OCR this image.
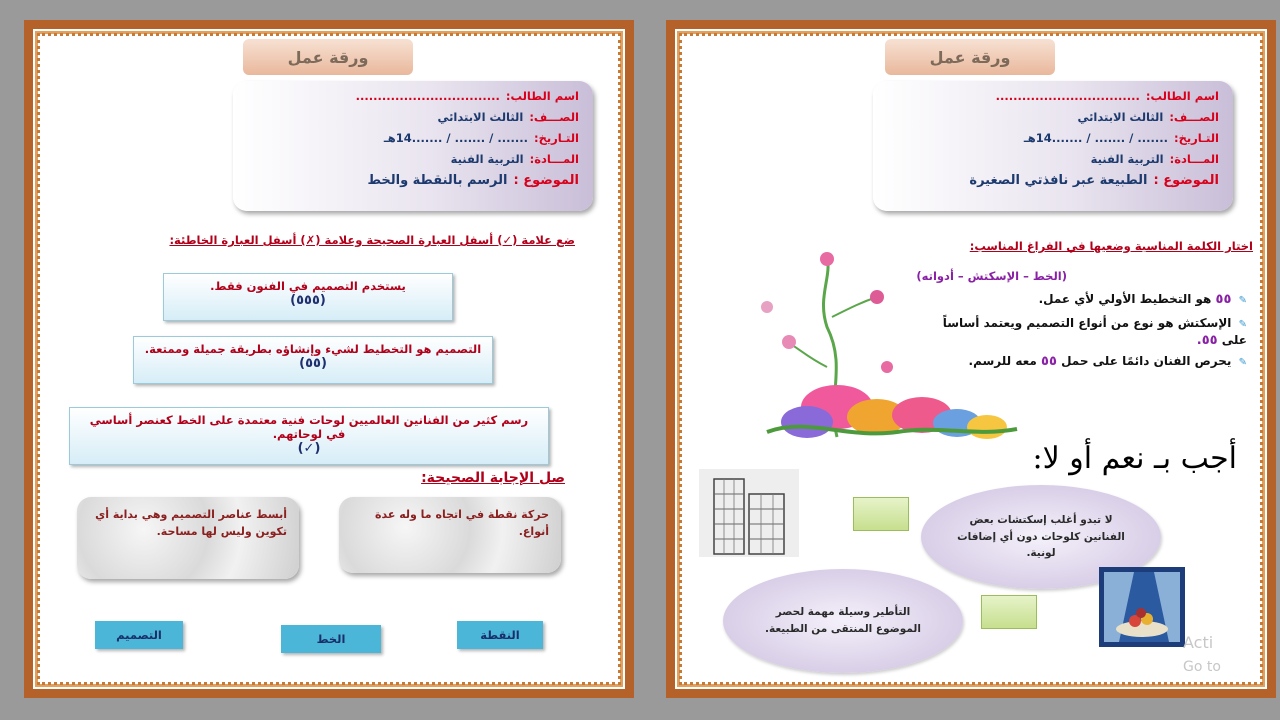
ورقة عمل
اسم الطالب:
.................................
الصـــف:
الثالث الابتدائي
التـاريخ:
....... / ....... / .......14هـ
المـــادة:
التربية الفنية
الموضوع :
الرسم بالنقطة والخط
ضع علامة (✓) أسفل العبارة الصحيحة وعلامة (✗) أسفل العبارة الخاطئة:
يستخدم التصميم في الفنون فقط.
(٥٥٥)
التصميم هو التخطيط لشيء وإنشاؤه بطريقة جميلة وممتعة.
(٥٥)
رسم كثير من الفنانين العالميين لوحات فنية معتمدة على الخط كعنصر أساسي في لوحاتهم.
(✓)
صل الإجابة الصحيحة:
حركة نقطة في اتجاه ما وله عدة أنواع.
أبسط عناصر التصميم وهي بداية أي تكوين وليس لها مساحة.
النقطة
الخط
التصميم
ورقة عمل
اسم الطالب:
.................................
الصـــف:
الثالث الابتدائي
التـاريخ:
....... / ....... / .......14هـ
المـــادة:
التربية الفنية
الموضوع :
الطبيعة عبر نافذتي الصغيرة
اختار الكلمة المناسبة وضعيها في الفراغ المناسب:
(الخط – الإسكتش – أدواته)
✎ ٥٥ هو التخطيط الأولي لأي عمل.
✎ الإسكتش هو نوع من أنواع التصميم ويعتمد أساساً على ٥٥.
✎ يحرص الفنان دائمًا على حمل ٥٥ معه للرسم.
أجب بـ نعم أو لا:
لا تبدو أغلب إسكتشات بعض الفنانين كلوحات دون أي إضافات لونية.
التأطير وسيلة مهمة لحصر الموضوع المنتقى من الطبيعة.
Acti
Go to
